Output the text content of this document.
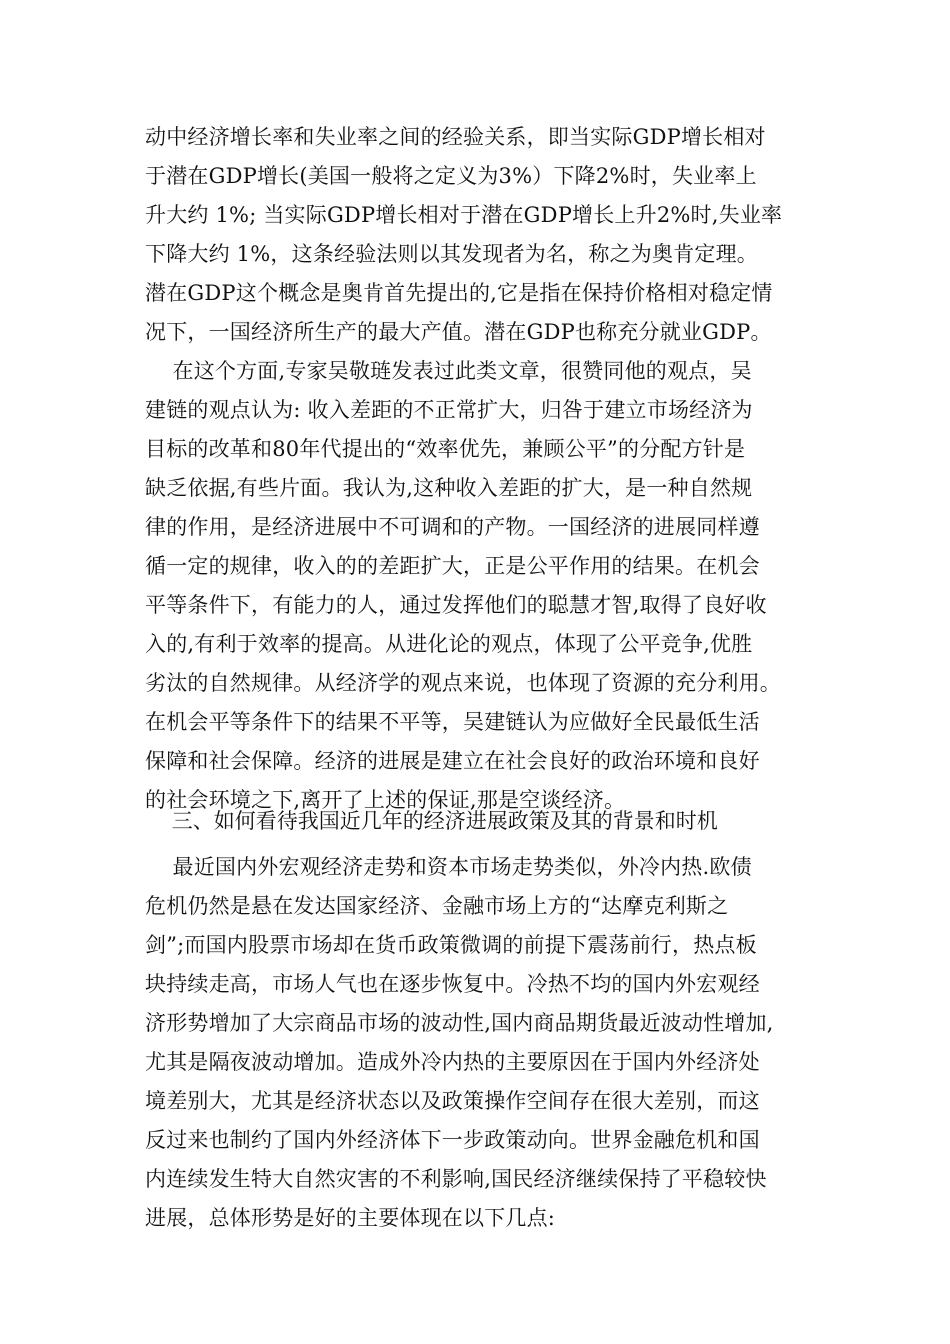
动中经济增长率和失业率之间的经验关系，即当实际GDP增长相对
于潜在GDP增长(美国一般将之定义为3%）下降2%时，失业率上
升大约 1%; 当实际GDP增长相对于潜在GDP增长上升2%时,失业率
下降大约 1%，这条经验法则以其发现者为名，称之为奥肯定理。
潜在GDP这个概念是奥肯首先提出的,它是指在保持价格相对稳定情
况下，一国经济所生产的最大产值。潜在GDP也称充分就业GDP。
在这个方面,专家吴敬琏发表过此类文章，很赞同他的观点，吴
建链的观点认为: 收入差距的不正常扩大，归咎于建立市场经济为
目标的改革和80年代提出的“效率优先，兼顾公平”的分配方针是
缺乏依据,有些片面。我认为,这种收入差距的扩大，是一种自然规
律的作用，是经济进展中不可调和的产物。一国经济的进展同样遵
循一定的规律，收入的的差距扩大，正是公平作用的结果。在机会
平等条件下，有能力的人，通过发挥他们的聪慧才智,取得了良好收
入的,有利于效率的提高。从进化论的观点，体现了公平竞争,优胜
劣汰的自然规律。从经济学的观点来说，也体现了资源的充分利用。
在机会平等条件下的结果不平等，吴建链认为应做好全民最低生活
保障和社会保障。经济的进展是建立在社会良好的政治环境和良好
的社会环境之下,离开了上述的保证,那是空谈经济。
三、如何看待我国近几年的经济进展政策及其的背景和时机
最近国内外宏观经济走势和资本市场走势类似，外冷内热.欧债
危机仍然是悬在发达国家经济、金融市场上方的“达摩克利斯之
剑”;而国内股票市场却在货币政策微调的前提下震荡前行，热点板
块持续走高，市场人气也在逐步恢复中。冷热不均的国内外宏观经
济形势增加了大宗商品市场的波动性,国内商品期货最近波动性增加,
尤其是隔夜波动增加。造成外冷内热的主要原因在于国内外经济处
境差别大，尤其是经济状态以及政策操作空间存在很大差别，而这
反过来也制约了国内外经济体下一步政策动向。世界金融危机和国
内连续发生特大自然灾害的不利影响,国民经济继续保持了平稳较快
进展，总体形势是好的主要体现在以下几点:
